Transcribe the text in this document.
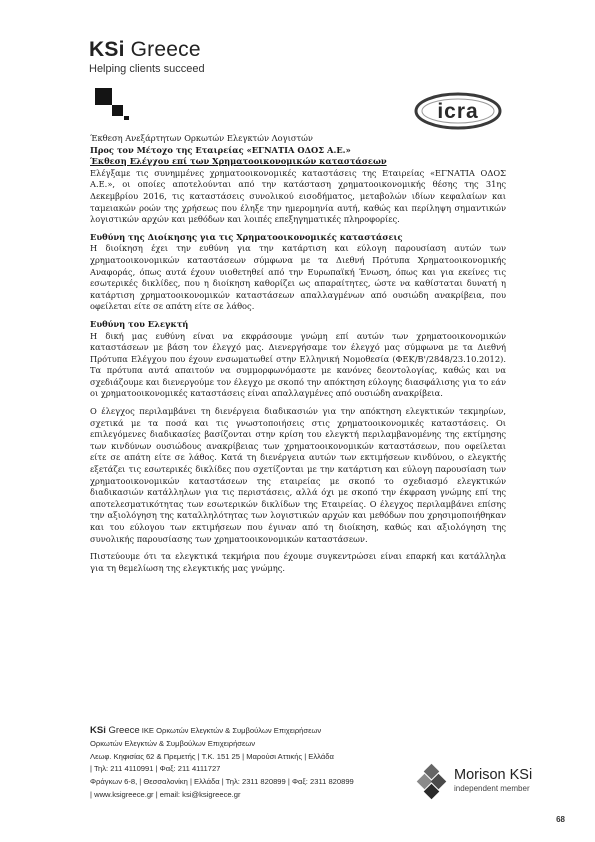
KSi Greece
Helping clients succeed
icra

Έκθεση Ανεξάρτητων Ορκωτών Ελεγκτών Λογιστών

Προς τον Μέτοχο της Εταιρείας «ΕΓΝΑΤΙΑ ΟΔΟΣ Α.Ε.»

Έκθεση Ελέγχου επί των Χρηματοοικονομικών καταστάσεων

Ελέγξαμε τις συνημμένες χρηματοοικονομικές καταστάσεις της Εταιρείας «ΕΓΝΑΤΙΑ ΟΔΟΣ Α.Ε.», οι οποίες αποτελούνται από την κατάσταση χρηματοοικονομικής θέσης της 31ης Δεκεμβρίου 2016, τις καταστάσεις συνολικού εισοδήματος, μεταβολών ιδίων κεφαλαίων και ταμειακών ροών της χρήσεως που έληξε την ημερομηνία αυτή, καθώς και περίληψη σημαντικών λογιστικών αρχών και μεθόδων και λοιπές επεξηγηματικές πληροφορίες.

Ευθύνη της Διοίκησης για τις Χρηματοοικονομικές καταστάσεις

Η διοίκηση έχει την ευθύνη για την κατάρτιση και εύλογη παρουσίαση αυτών των χρηματοοικονομικών καταστάσεων σύμφωνα με τα Διεθνή Πρότυπα Χρηματοοικονομικής Αναφοράς, όπως αυτά έχουν υιοθετηθεί από την Ευρωπαϊκή Ένωση, όπως και για εκείνες τις εσωτερικές δικλίδες, που η διοίκηση καθορίζει ως απαραίτητες, ώστε να καθίσταται δυνατή η κατάρτιση χρηματοοικονομικών καταστάσεων απαλλαγμένων από ουσιώδη ανακρίβεια, που οφείλεται είτε σε απάτη είτε σε λάθος.

Ευθύνη του Ελεγκτή

Η δική μας ευθύνη είναι να εκφράσουμε γνώμη επί αυτών των χρηματοοικονομικών καταστάσεων με βάση τον έλεγχό μας. Διενεργήσαμε τον έλεγχό μας σύμφωνα με τα Διεθνή Πρότυπα Ελέγχου που έχουν ενσωματωθεί στην Ελληνική Νομοθεσία (ΦΕΚ/Β'/2848/23.10.2012). Τα πρότυπα αυτά απαιτούν να συμμορφωνόμαστε με κανόνες δεοντολογίας, καθώς και να σχεδιάζουμε και διενεργούμε τον έλεγχο με σκοπό την απόκτηση εύλογης διασφάλισης για το εάν οι χρηματοοικονομικές καταστάσεις είναι απαλλαγμένες από ουσιώδη ανακρίβεια.

Ο έλεγχος περιλαμβάνει τη διενέργεια διαδικασιών για την απόκτηση ελεγκτικών τεκμηρίων, σχετικά με τα ποσά και τις γνωστοποιήσεις στις χρηματοοικονομικές καταστάσεις. Οι επιλεγόμενες διαδικασίες βασίζονται στην κρίση του ελεγκτή περιλαμβανομένης της εκτίμησης των κινδύνων ουσιώδους ανακρίβειας των χρηματοοικονομικών καταστάσεων, που οφείλεται είτε σε απάτη είτε σε λάθος. Κατά τη διενέργεια αυτών των εκτιμήσεων κινδύνου, ο ελεγκτής εξετάζει τις εσωτερικές δικλίδες που σχετίζονται με την κατάρτιση και εύλογη παρουσίαση των χρηματοοικονομικών καταστάσεων της εταιρείας με σκοπό το σχεδιασμό ελεγκτικών διαδικασιών κατάλληλων για τις περιστάσεις, αλλά όχι με σκοπό την έκφραση γνώμης επί της αποτελεσματικότητας των εσωτερικών δικλίδων της Εταιρείας. Ο έλεγχος περιλαμβάνει επίσης την αξιολόγηση της καταλληλότητας των λογιστικών αρχών και μεθόδων που χρησιμοποιήθηκαν και του εύλογου των εκτιμήσεων που έγιναν από τη διοίκηση, καθώς και αξιολόγηση της συνολικής παρουσίασης των χρηματοοικονομικών καταστάσεων.

Πιστεύουμε ότι τα ελεγκτικά τεκμήρια που έχουμε συγκεντρώσει είναι επαρκή και κατάλληλα για τη θεμελίωση της ελεγκτικής μας γνώμης.

KSi Greece ΙΚΕ Ορκωτών Ελεγκτών & Συμβούλων Επιχειρήσεων
Ορκωτών Ελεγκτών & Συμβούλων Επιχειρήσεων
Λεωφ. Κηφισίας 62 & Πρεμετής | Τ.Κ. 151 25 | Μαρούσι Αττικής | Ελλάδα
| Τηλ: 211 4110991 | Φαξ: 211 4111727
Φράγκων 6-8, | Θεσσαλονίκη | Ελλάδα | Τηλ: 2311 820899 | Φαξ: 2311 820899
| www.ksigreece.gr | email: ksi@ksigreece.gr
Morison KSi
independent member
68
